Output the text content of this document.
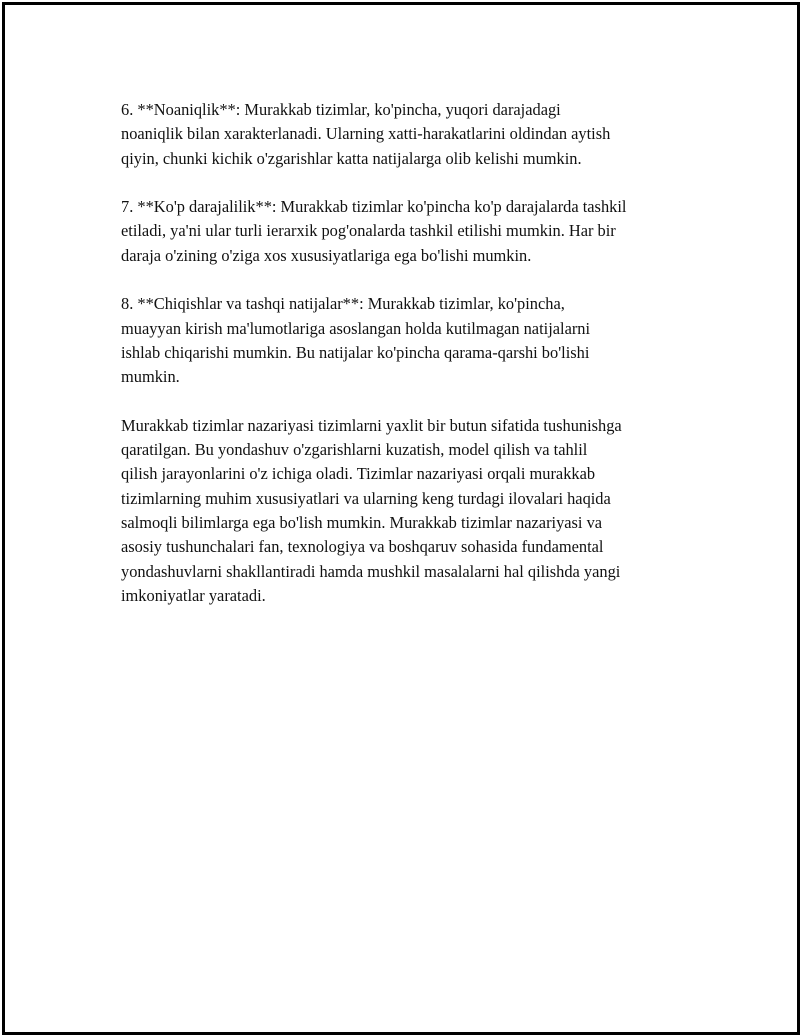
6. **Noaniqlik**: Murakkab tizimlar, ko'pincha, yuqori darajadagi
noaniqlik bilan xarakterlanadi. Ularning xatti-harakatlarini oldindan aytish
qiyin, chunki kichik o'zgarishlar katta natijalarga olib kelishi mumkin.

7. **Ko'p darajalilik**: Murakkab tizimlar ko'pincha ko'p darajalarda tashkil
etiladi, ya'ni ular turli ierarxik pog'onalarda tashkil etilishi mumkin. Har bir
daraja o'zining o'ziga xos xususiyatlariga ega bo'lishi mumkin.

8. **Chiqishlar va tashqi natijalar**: Murakkab tizimlar, ko'pincha,
muayyan kirish ma'lumotlariga asoslangan holda kutilmagan natijalarni
ishlab chiqarishi mumkin. Bu natijalar ko'pincha qarama-qarshi bo'lishi
mumkin.

Murakkab tizimlar nazariyasi tizimlarni yaxlit bir butun sifatida tushunishga
qaratilgan. Bu yondashuv o'zgarishlarni kuzatish, model qilish va tahlil
qilish jarayonlarini o'z ichiga oladi. Tizimlar nazariyasi orqali murakkab
tizimlarning muhim xususiyatlari va ularning keng turdagi ilovalari haqida
salmoqli bilimlarga ega bo'lish mumkin. Murakkab tizimlar nazariyasi va
asosiy tushunchalari fan, texnologiya va boshqaruv sohasida fundamental
yondashuvlarni shakllantiradi hamda mushkil masalalarni hal qilishda yangi
imkoniyatlar yaratadi.
